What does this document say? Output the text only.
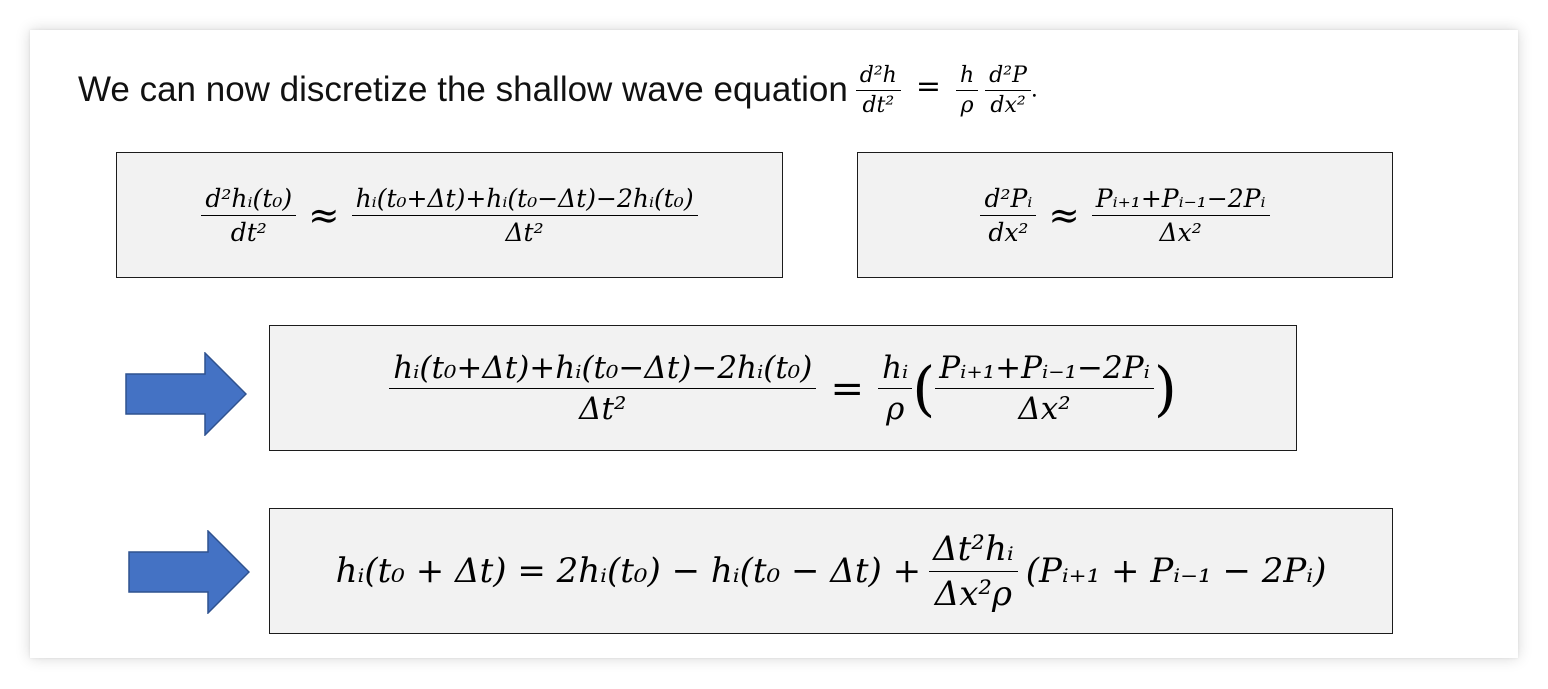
We can now discretize the shallow wave equation $\frac{\text{d²h}}{\text{dt²}} = \frac{h}{\rho}$
$\frac{\text{d²P}}{\text{dx²}}$ .
$\frac{\text{d²hᵢ(t₀)}}{\text{dt²}} \approx \frac{\text{hᵢ(t₀+Δt)+hᵢ(t₀−Δt)−2hᵢ(t₀)}}{\text{Δt²}}$	$\frac{\text{d²Pᵢ}}{\text{dx²}} \approx \frac{\text{Pᵢ₊₁+Pᵢ₋₁−2Pᵢ}}{\text{Δx²}}$
$\frac{\text{hᵢ(t₀+Δt)+hᵢ(t₀−Δt)−2hᵢ(t₀)}}{\text{Δt²}} = \frac{\text{hᵢ}}{\rho}$ ( $\frac{\text{Pᵢ₊₁+Pᵢ₋₁−2Pᵢ}}{\text{Δx²}}$ )
hᵢ(t₀ + Δt) = 2hᵢ(t₀) − hᵢ(t₀ − $\Delta t) + \frac{\text{Δt²hᵢ}}{\text{Δx²ρ}}$ (Pᵢ₊₁ + Pᵢ₋₁ − 2Pᵢ)
